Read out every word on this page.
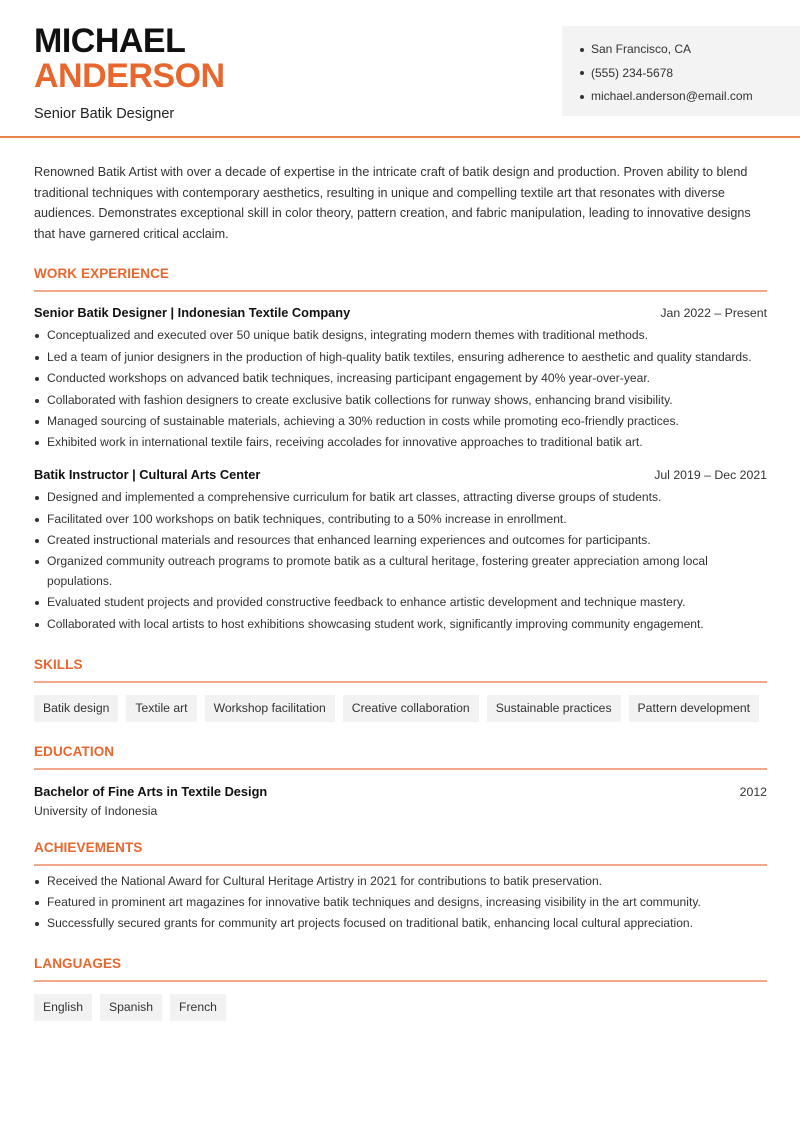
MICHAEL
ANDERSON
Senior Batik Designer
San Francisco, CA
(555) 234-5678
michael.anderson@email.com

Renowned Batik Artist with over a decade of expertise in the intricate craft of batik design and production. Proven ability to blend traditional techniques with contemporary aesthetics, resulting in unique and compelling textile art that resonates with diverse audiences. Demonstrates exceptional skill in color theory, pattern creation, and fabric manipulation, leading to innovative designs that have garnered critical acclaim.

WORK EXPERIENCE
Senior Batik Designer | Indonesian Textile Company	Jan 2022 – Present
Conceptualized and executed over 50 unique batik designs, integrating modern themes with traditional methods.
Led a team of junior designers in the production of high-quality batik textiles, ensuring adherence to aesthetic and quality standards.
Conducted workshops on advanced batik techniques, increasing participant engagement by 40% year-over-year.
Collaborated with fashion designers to create exclusive batik collections for runway shows, enhancing brand visibility.
Managed sourcing of sustainable materials, achieving a 30% reduction in costs while promoting eco-friendly practices.
Exhibited work in international textile fairs, receiving accolades for innovative approaches to traditional batik art.
Batik Instructor | Cultural Arts Center	Jul 2019 – Dec 2021
Designed and implemented a comprehensive curriculum for batik art classes, attracting diverse groups of students.
Facilitated over 100 workshops on batik techniques, contributing to a 50% increase in enrollment.
Created instructional materials and resources that enhanced learning experiences and outcomes for participants.
Organized community outreach programs to promote batik as a cultural heritage, fostering greater appreciation among local populations.
Evaluated student projects and provided constructive feedback to enhance artistic development and technique mastery.
Collaborated with local artists to host exhibitions showcasing student work, significantly improving community engagement.
SKILLS
Batik design	Textile art	Workshop facilitation	Creative collaboration	Sustainable practices	Pattern development
EDUCATION
Bachelor of Fine Arts in Textile Design	2012
University of Indonesia
ACHIEVEMENTS
Received the National Award for Cultural Heritage Artistry in 2021 for contributions to batik preservation.
Featured in prominent art magazines for innovative batik techniques and designs, increasing visibility in the art community.
Successfully secured grants for community art projects focused on traditional batik, enhancing local cultural appreciation.
LANGUAGES
English	Spanish	French
